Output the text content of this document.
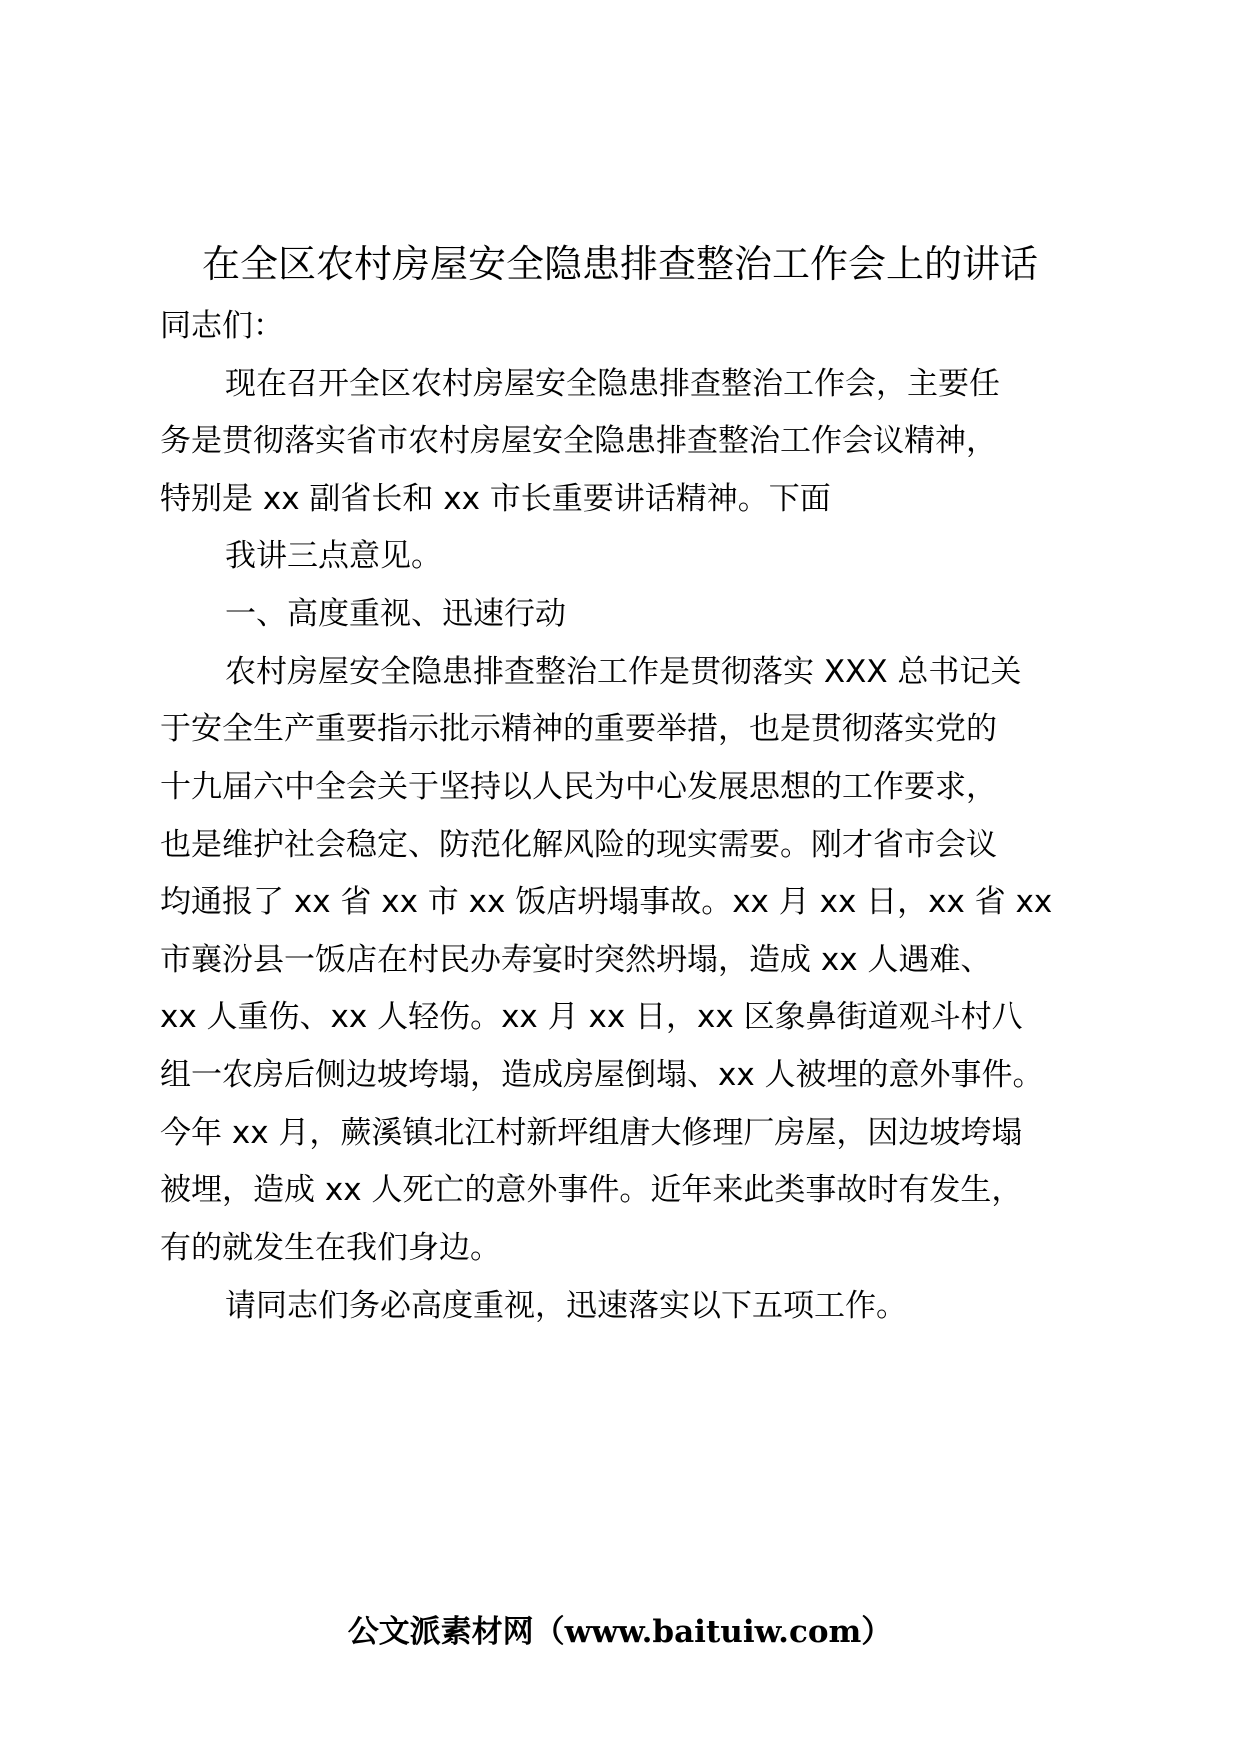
在全区农村房屋安全隐患排查整治工作会上的讲话
同志们：
现在召开全区农村房屋安全隐患排查整治工作会，主要任
务是贯彻落实省市农村房屋安全隐患排查整治工作会议精神，
特别是 xx 副省长和 xx 市长重要讲话精神。下面
我讲三点意见。
一、高度重视、迅速行动
农村房屋安全隐患排查整治工作是贯彻落实 XXX 总书记关
于安全生产重要指示批示精神的重要举措，也是贯彻落实党的
十九届六中全会关于坚持以人民为中心发展思想的工作要求，
也是维护社会稳定、防范化解风险的现实需要。刚才省市会议
均通报了 xx 省 xx 市 xx 饭店坍塌事故。xx 月 xx 日，xx 省 xx
市襄汾县一饭店在村民办寿宴时突然坍塌，造成 xx 人遇难、
xx 人重伤、xx 人轻伤。xx 月 xx 日，xx 区象鼻街道观斗村八
组一农房后侧边坡垮塌，造成房屋倒塌、xx 人被埋的意外事件。
今年 xx 月，蕨溪镇北江村新坪组唐大修理厂房屋，因边坡垮塌
被埋，造成 xx 人死亡的意外事件。近年来此类事故时有发生，
有的就发生在我们身边。
请同志们务必高度重视，迅速落实以下五项工作。
公文派素材网（www.baituiw.com）
